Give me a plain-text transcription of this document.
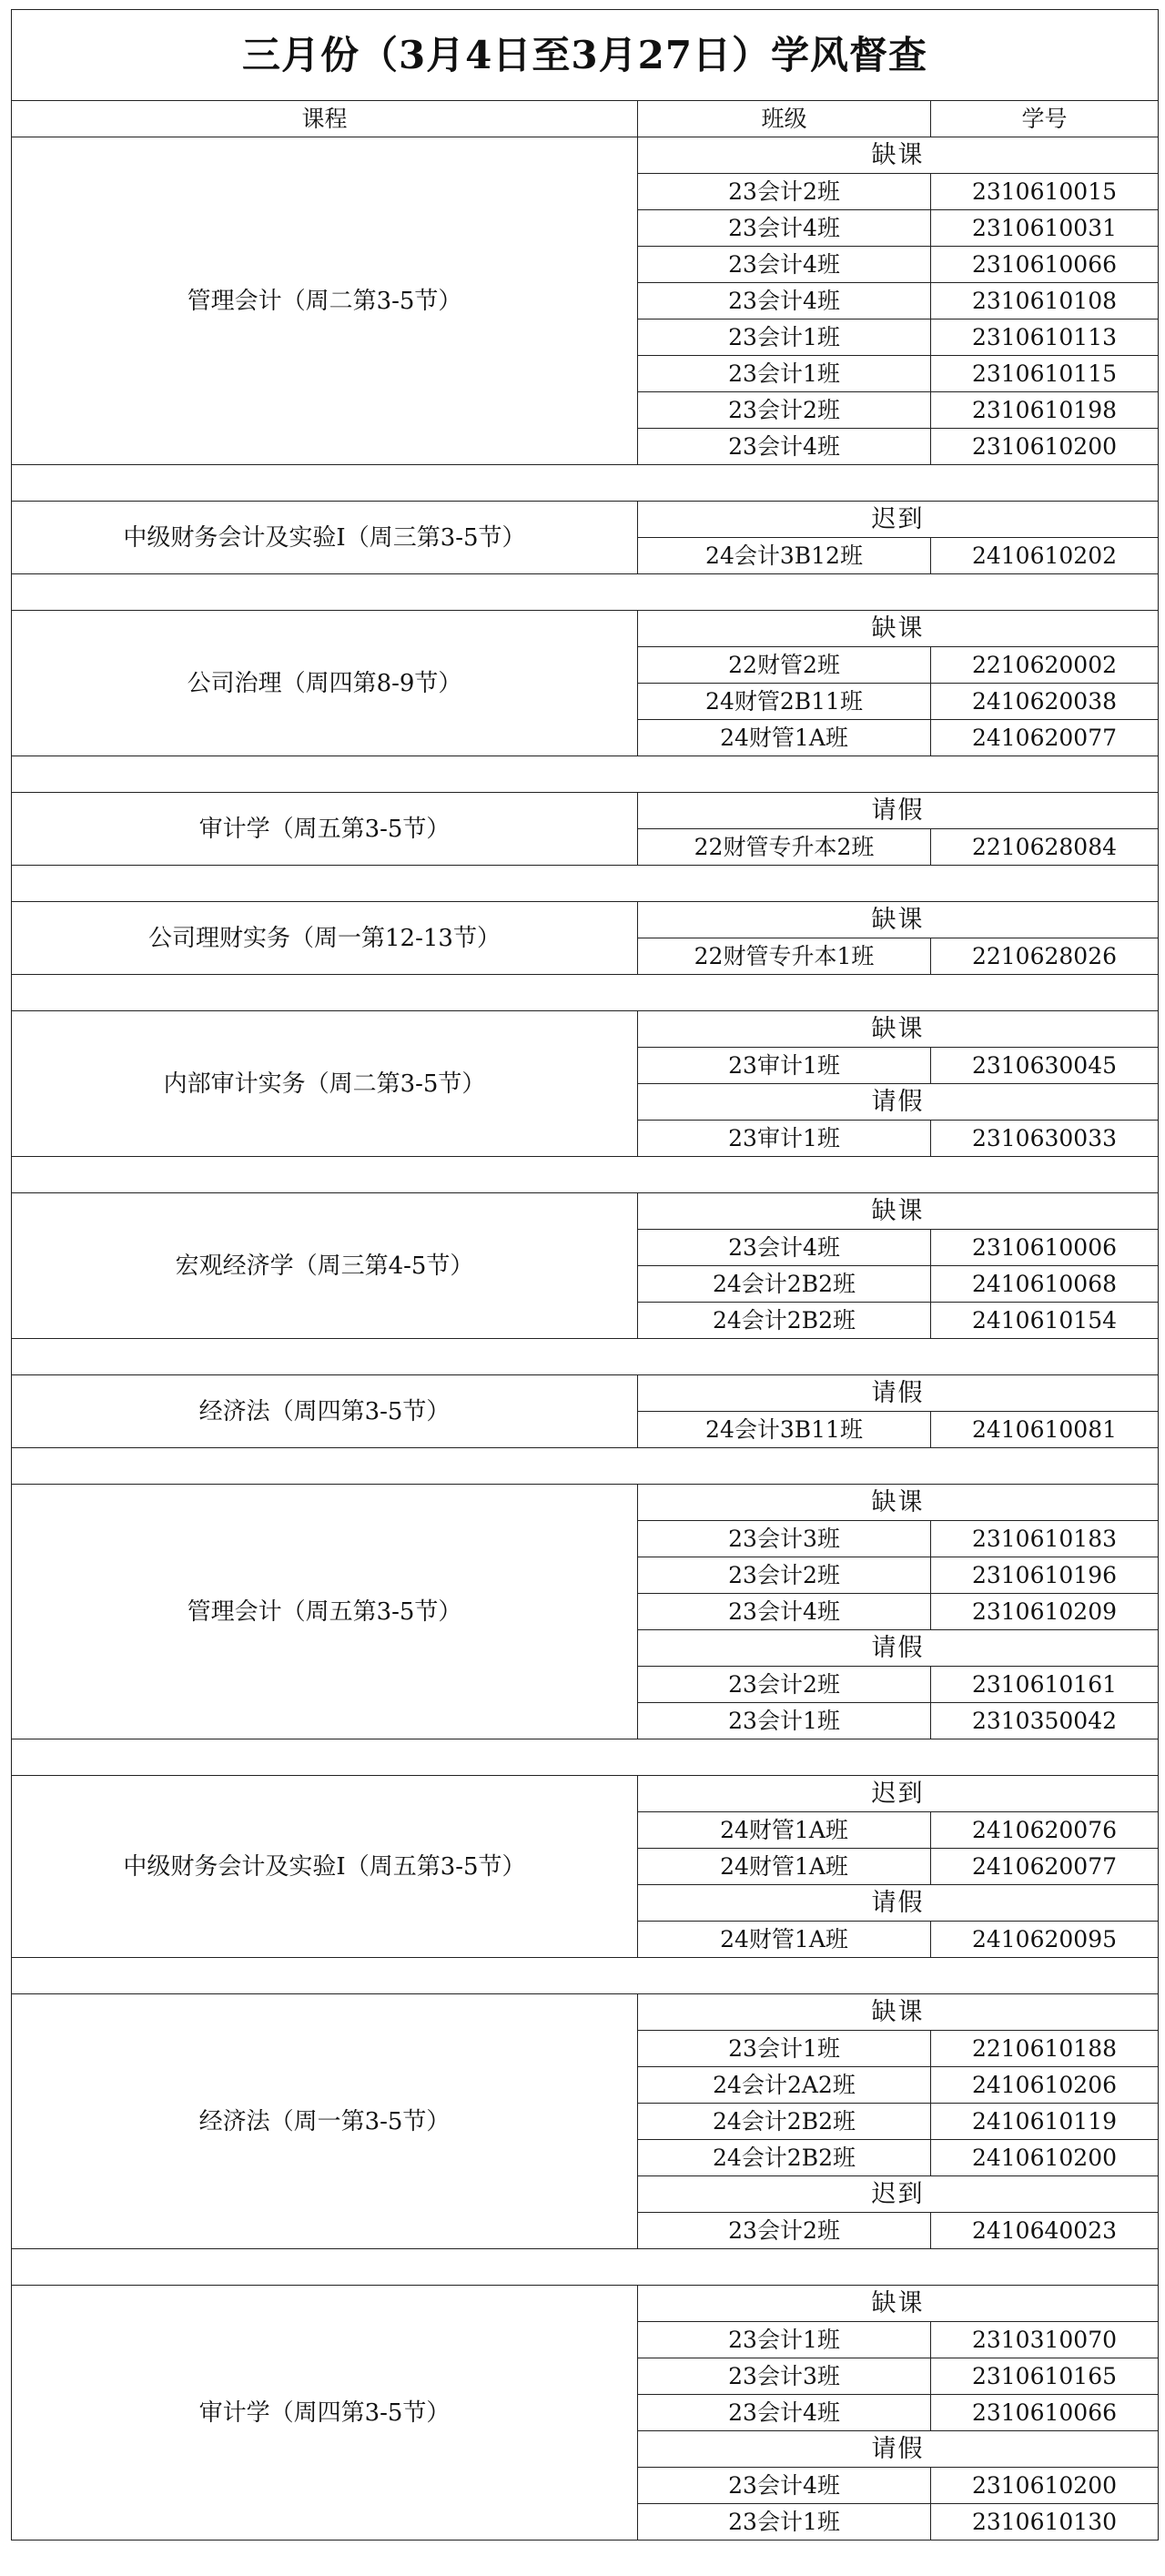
三月份（3月4日至3月27日）学风督查		
课程	班级	学号
管理会计（周二第3-5节）	缺课	
	23会计2班	2310610015
	23会计4班	2310610031
	23会计4班	2310610066
	23会计4班	2310610108
	23会计1班	2310610113
	23会计1班	2310610115
	23会计2班	2310610198
	23会计4班	2310610200

中级财务会计及实验Ⅰ（周三第3-5节）	迟到	
	24会计3B12班	2410610202

公司治理（周四第8-9节）	缺课	
	22财管2班	2210620002
	24财管2B11班	2410620038
	24财管1A班	2410620077

审计学（周五第3-5节）	请假	
	22财管专升本2班	2210628084

公司理财实务（周一第12-13节）	缺课	
	22财管专升本1班	2210628026

内部审计实务（周二第3-5节）	缺课	
	23审计1班	2310630045
	请假	
	23审计1班	2310630033

宏观经济学（周三第4-5节）	缺课	
	23会计4班	2310610006
	24会计2B2班	2410610068
	24会计2B2班	2410610154

经济法（周四第3-5节）	请假	
	24会计3B11班	2410610081

管理会计（周五第3-5节）	缺课	
	23会计3班	2310610183
	23会计2班	2310610196
	23会计4班	2310610209
	请假	
	23会计2班	2310610161
	23会计1班	2310350042

中级财务会计及实验Ⅰ（周五第3-5节）	迟到	
	24财管1A班	2410620076
	24财管1A班	2410620077
	请假	
	24财管1A班	2410620095

经济法（周一第3-5节）	缺课	
	23会计1班	2210610188
	24会计2A2班	2410610206
	24会计2B2班	2410610119
	24会计2B2班	2410610200
	迟到	
	23会计2班	2410640023

审计学（周四第3-5节）	缺课	
	23会计1班	2310310070
	23会计3班	2310610165
	23会计4班	2310610066
	请假	
	23会计4班	2310610200
	23会计1班	2310610130
